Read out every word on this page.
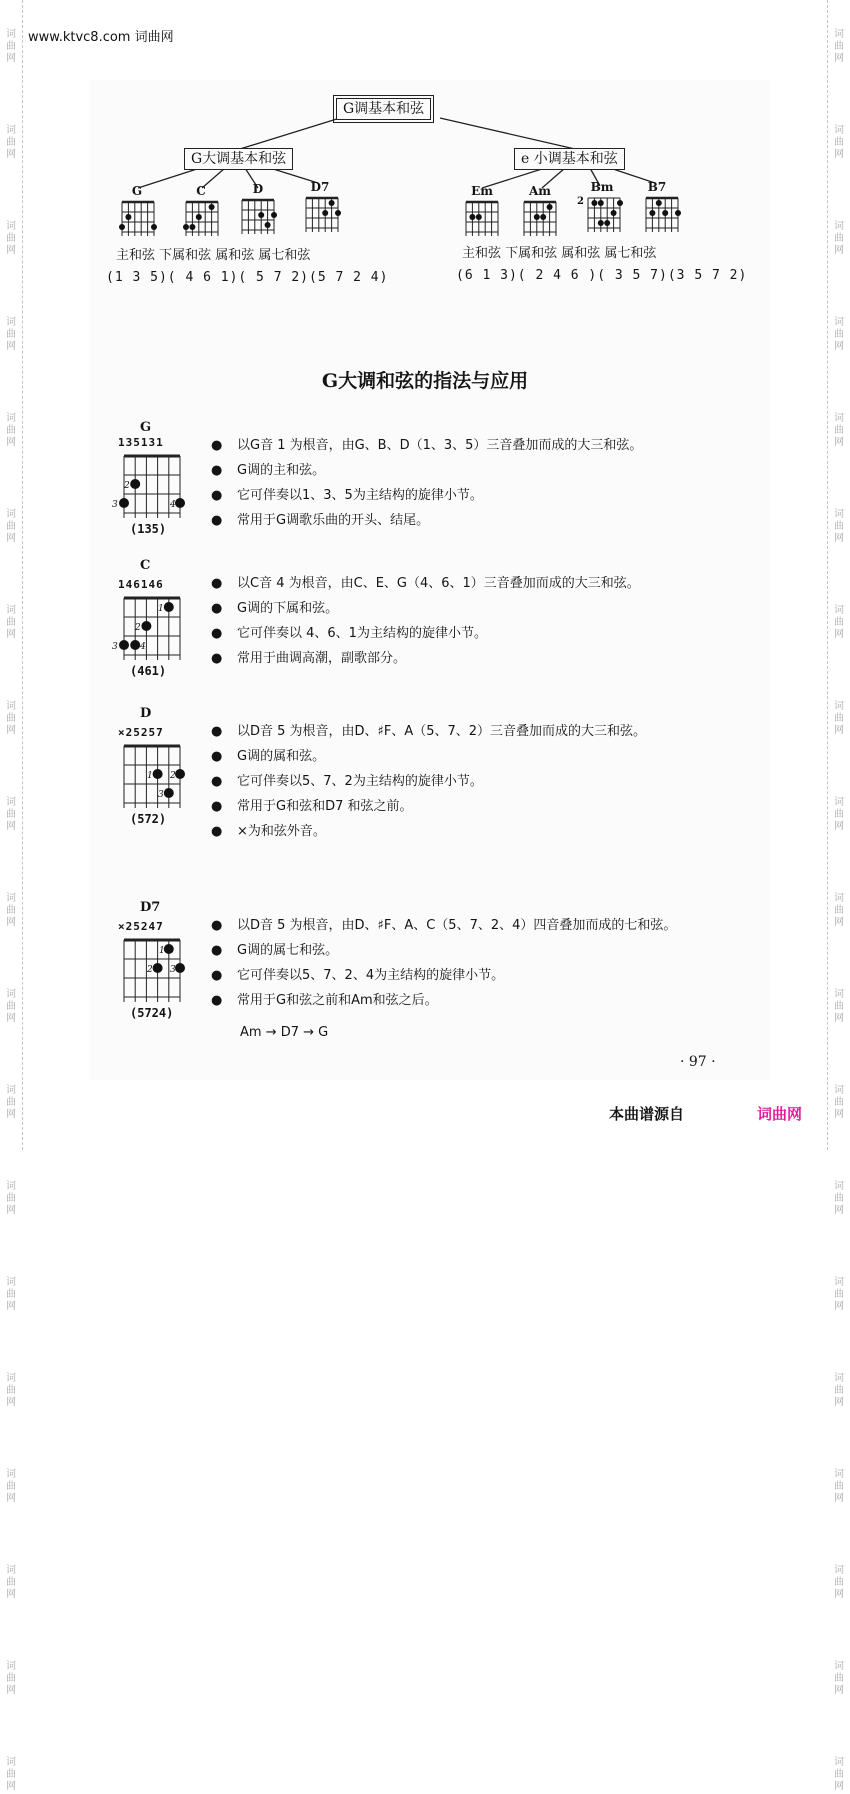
词
曲
网
词
曲
网
词
曲
网
词
曲
网
词
曲
网
词
曲
网
词
曲
网
词
曲
网
词
曲
网
词
曲
网
词
曲
网
词
曲
网
词
曲
网
词
曲
网
词
曲
网
词
曲
网
词
曲
网
词
曲
网
词
曲
网
词
曲
网
词
曲
网
词
曲
网
词
曲
网
词
曲
网
词
曲
网
词
曲
网
词
曲
网
词
曲
网
词
曲
网
词
曲
网
词
曲
网
词
曲
网
词
曲
网
词
曲
网
词
曲
网
词
曲
网
词
曲
网
词
曲
网
www.ktvc8.com 词曲网
G调基本和弦
G大调基本和弦	e 小调基本和弦
G	C	D	D7	Em	Am	Bm	B7
2
主和弦 下属和弦 属和弦 属七和弦	主和弦 下属和弦 属和弦 属七和弦
(1 3 5)( 4 6 1)( 5 7 2)(5 7 2 4)	(6 1 3)( 2 4 6 )( 3 5 7)(3 5 7 2)
G大调和弦的指法与应用
G
135131
3
2
4
(135)
● 以G音 1 为根音，由G、B、D（1、3、5）三音叠加而成的大三和弦。
● G调的主和弦。
● 它可伴奏以1、3、5为主结构的旋律小节。
● 常用于G调歌乐曲的开头、结尾。
C
146146
3
2
1
4
(461)
● 以C音 4 为根音，由C、E、G（4、6、1）三音叠加而成的大三和弦。
● G调的下属和弦。
● 它可伴奏以 4、6、1为主结构的旋律小节。
● 常用于曲调高潮，副歌部分。
D
×25257
1 2
3
(572)
● 以D音 5 为根音，由D、♯F、A（5、7、2）三音叠加而成的大三和弦。
● G调的属和弦。
● 它可伴奏以5、7、2为主结构的旋律小节。
● 常用于G和弦和D7 和弦之前。
● ×为和弦外音。
D7
×25247
1
2 3
(5724)
● 以D音 5 为根音，由D、♯F、A、C（5、7、2、4）四音叠加而成的七和弦。
● G调的属七和弦。
● 它可伴奏以5、7、2、4为主结构的旋律小节。
● 常用于G和弦之前和Am和弦之后。
Am → D7 → G
· 97 ·
本曲谱源自	词曲网
